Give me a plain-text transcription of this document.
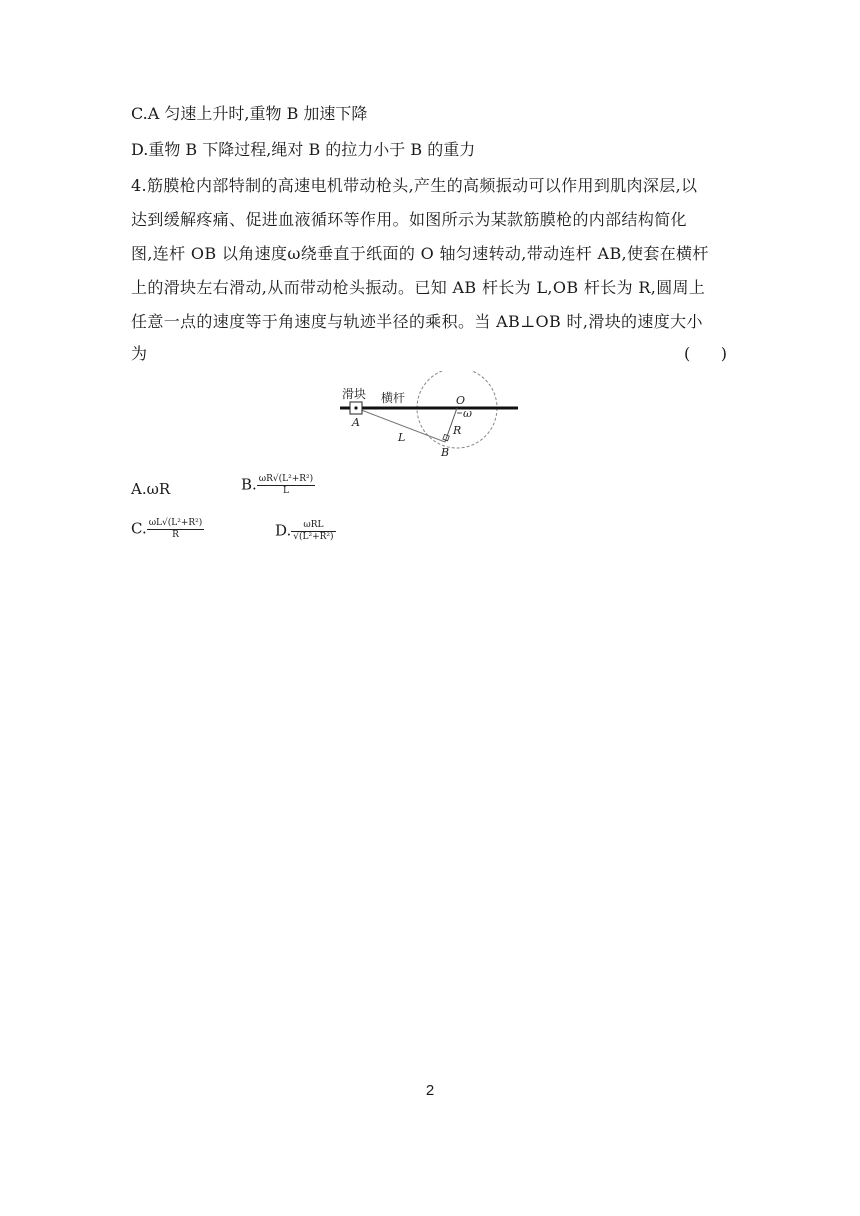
C.A 匀速上升时,重物 B 加速下降
D.重物 B 下降过程,绳对 B 的拉力小于 B 的重力
4.筋膜枪内部特制的高速电机带动枪头,产生的高频振动可以作用到肌肉深层,以
达到缓解疼痛、促进血液循环等作用。如图所示为某款筋膜枪的内部结构简化
图,连杆 OB 以角速度ω绕垂直于纸面的 O 轴匀速转动,带动连杆 AB,使套在横杆
上的滑块左右滑动,从而带动枪头振动。已知 AB 杆长为 L,OB 杆长为 R,圆周上
任意一点的速度等于角速度与轨迹半径的乘积。当 AB⊥OB 时,滑块的速度大小
为	(      )
滑块 横杆
A
O
ω
L
R
B
A.ωR	B. $\frac{\text{ωR√(L²+R²)}}{L}$
C. $\frac{\text{ωL√(L²+R²)}}{R}$	D. $\frac{\text{ωRL}}{\text{√(L²+R²)}}$
2
